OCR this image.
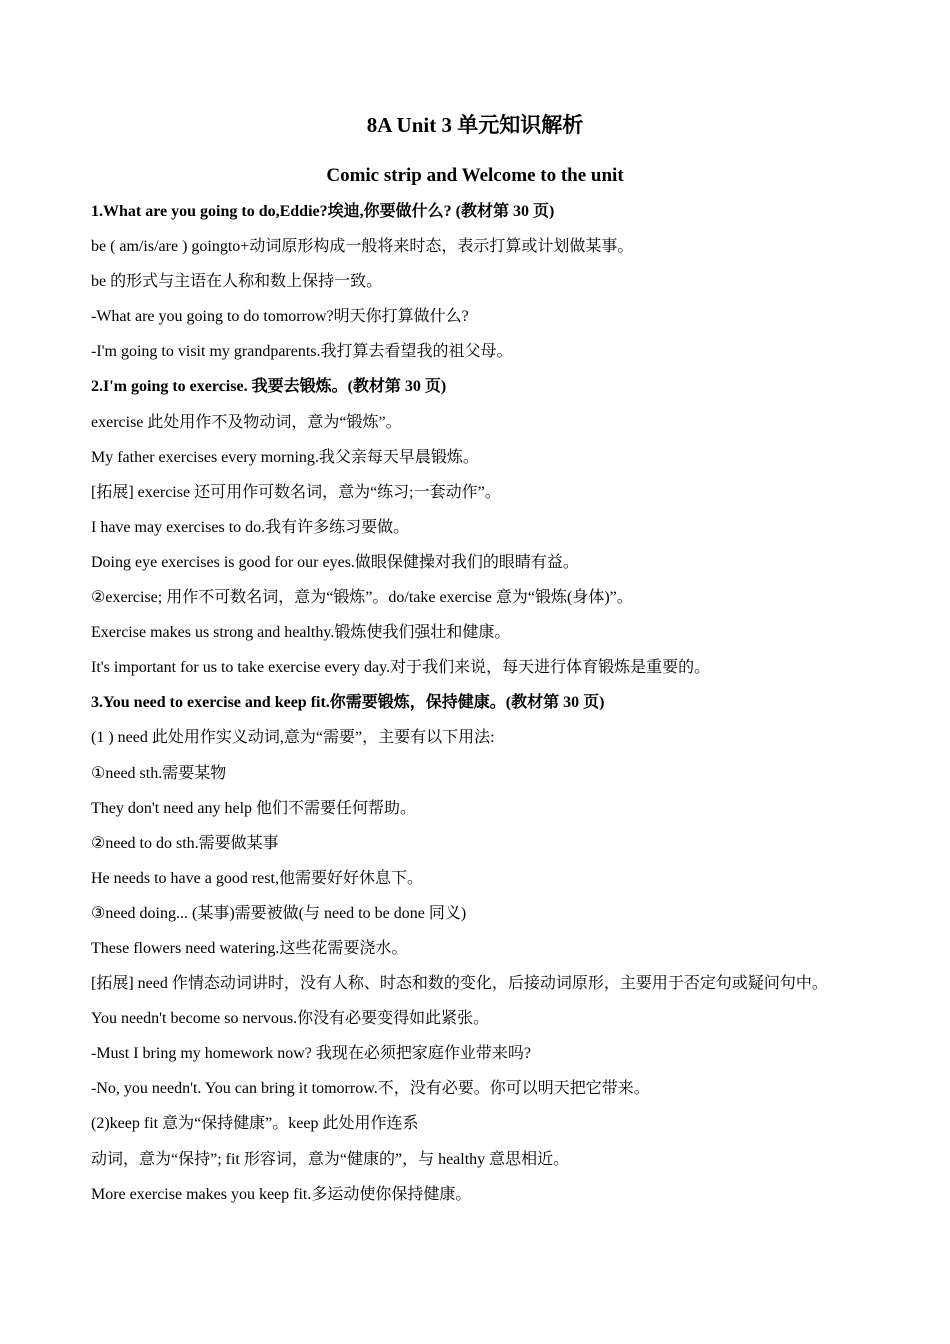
8A Unit 3 单元知识解析
Comic strip and Welcome to the unit
1.What are you going to do,Eddie?埃迪,你要做什么? (教材第 30 页)
be ( am/is/are ) goingto+动词原形构成一般将来时态，表示打算或计划做某事。
be 的形式与主语在人称和数上保持一致。
-What are you going to do tomorrow?明天你打算做什么?
-I'm going to visit my grandparents.我打算去看望我的祖父母。
2.I'm going to exercise. 我要去锻炼。(教材第 30 页)
exercise 此处用作不及物动词，意为“锻炼”。
My father exercises every morning.我父亲每天早晨锻炼。
[拓展] exercise 还可用作可数名词，意为“练习;一套动作”。
I have may exercises to do.我有许多练习要做。
Doing eye exercises is good for our eyes.做眼保健操对我们的眼睛有益。
②exercise; 用作不可数名词，意为“锻炼”。do/take exercise 意为“锻炼(身体)”。
Exercise makes us strong and healthy.锻炼使我们强壮和健康。
It's important for us to take exercise every day.对于我们来说，每天进行体育锻炼是重要的。
3.You need to exercise and keep fit.你需要锻炼，保持健康。(教材第 30 页)
(1 ) need 此处用作实义动词,意为“需要”，主要有以下用法:
①need sth.需要某物
They don't need any help 他们不需要任何帮助。
②need to do sth.需要做某事
He needs to have a good rest,他需要好好休息下。
③need doing... (某事)需要被做(与 need to be done 同义)
These flowers need watering.这些花需要浇水。
[拓展] need 作情态动词讲时，没有人称、时态和数的变化，后接动词原形，主要用于否定句或疑问句中。
You needn't become so nervous.你没有必要变得如此紧张。
-Must I bring my homework now? 我现在必须把家庭作业带来吗?
-No, you needn't. You can bring it tomorrow.不，没有必要。你可以明天把它带来。
(2)keep fit 意为“保持健康”。keep 此处用作连系
动词，意为“保持”; fit 形容词，意为“健康的”，与 healthy 意思相近。
More exercise makes you keep fit.多运动使你保持健康。
